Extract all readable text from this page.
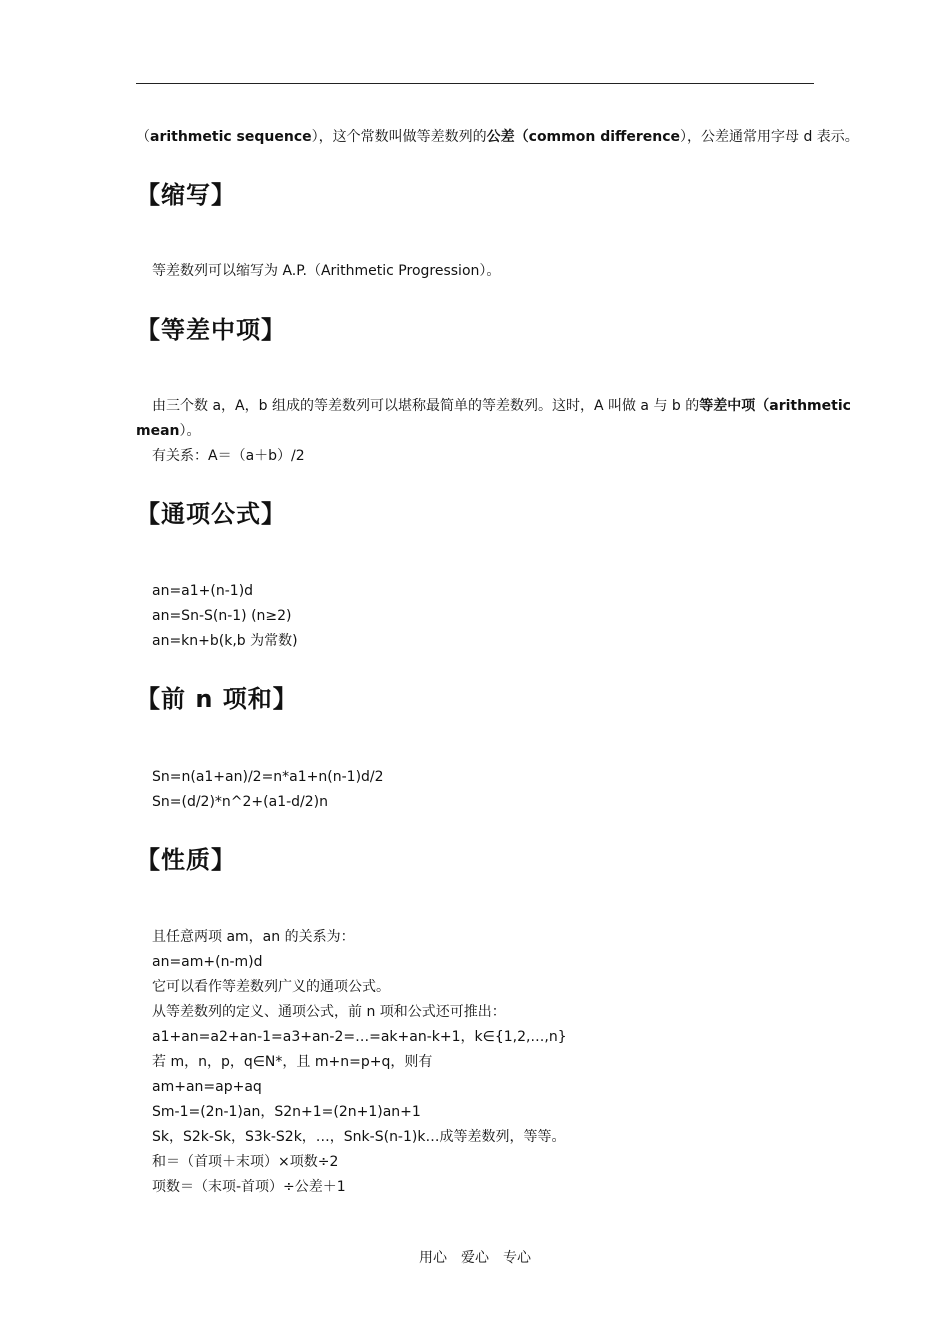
（arithmetic sequence），这个常数叫做等差数列的公差（common difference），公差通常用字母 d 表示。
【缩写】
等差数列可以缩写为 A.P.（Arithmetic Progression）。
【等差中项】
由三个数 a，A，b 组成的等差数列可以堪称最简单的等差数列。这时，A 叫做 a 与 b 的等差中项（arithmetic
mean）。
有关系：A＝（a＋b）/2
【通项公式】
an=a1+(n-1)d
an=Sn-S(n-1) (n≥2)
an=kn+b(k,b 为常数)
【前 n 项和】
Sn=n(a1+an)/2=n*a1+n(n-1)d/2
Sn=(d/2)*n^2+(a1-d/2)n
【性质】
且任意两项 am，an 的关系为：
an=am+(n-m)d
它可以看作等差数列广义的通项公式。
从等差数列的定义、通项公式，前 n 项和公式还可推出：
a1+an=a2+an-1=a3+an-2=…=ak+an-k+1，k∈{1,2,…,n}
若 m，n，p，q∈N*，且 m+n=p+q，则有
am+an=ap+aq
Sm-1=(2n-1)an，S2n+1=(2n+1)an+1
Sk，S2k-Sk，S3k-S2k，…，Snk-S(n-1)k…成等差数列，等等。
和＝（首项＋末项）×项数÷2
项数＝（末项-首项）÷公差＋1
用心　爱心　专心
